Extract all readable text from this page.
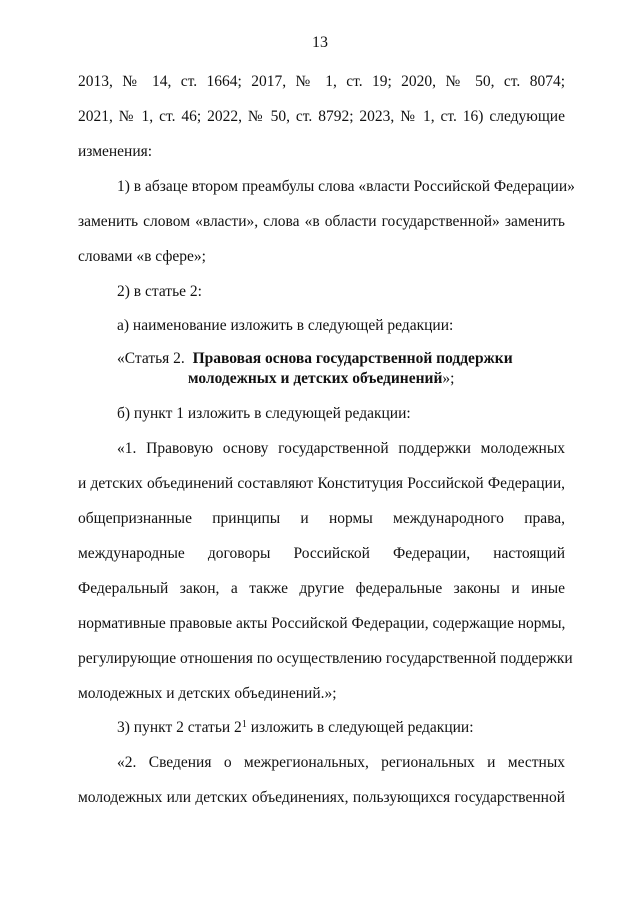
13
2013, № 14, ст. 1664; 2017, № 1, ст. 19; 2020, № 50, ст. 8074;
2021, № 1, ст. 46; 2022, № 50, ст. 8792; 2023, № 1, ст. 16) следующие
изменения:
1) в абзаце втором преамбулы слова «власти Российской Федерации»
заменить словом «власти», слова «в области государственной» заменить
словами «в сфере»;
2) в статье 2:
а) наименование изложить в следующей редакции:
«Статья 2. Правовая основа государственной поддержки
молодежных и детских объединений»;
б) пункт 1 изложить в следующей редакции:
«1. Правовую основу государственной поддержки молодежных
и детских объединений составляют Конституция Российской Федерации,
общепризнанные принципы и нормы международного права,
международные договоры Российской Федерации, настоящий
Федеральный закон, а также другие федеральные законы и иные
нормативные правовые акты Российской Федерации, содержащие нормы,
регулирующие отношения по осуществлению государственной поддержки
молодежных и детских объединений.»;
3) пункт 2 статьи $2^1$ изложить в следующей редакции:
«2. Сведения о межрегиональных, региональных и местных
молодежных или детских объединениях, пользующихся государственной
